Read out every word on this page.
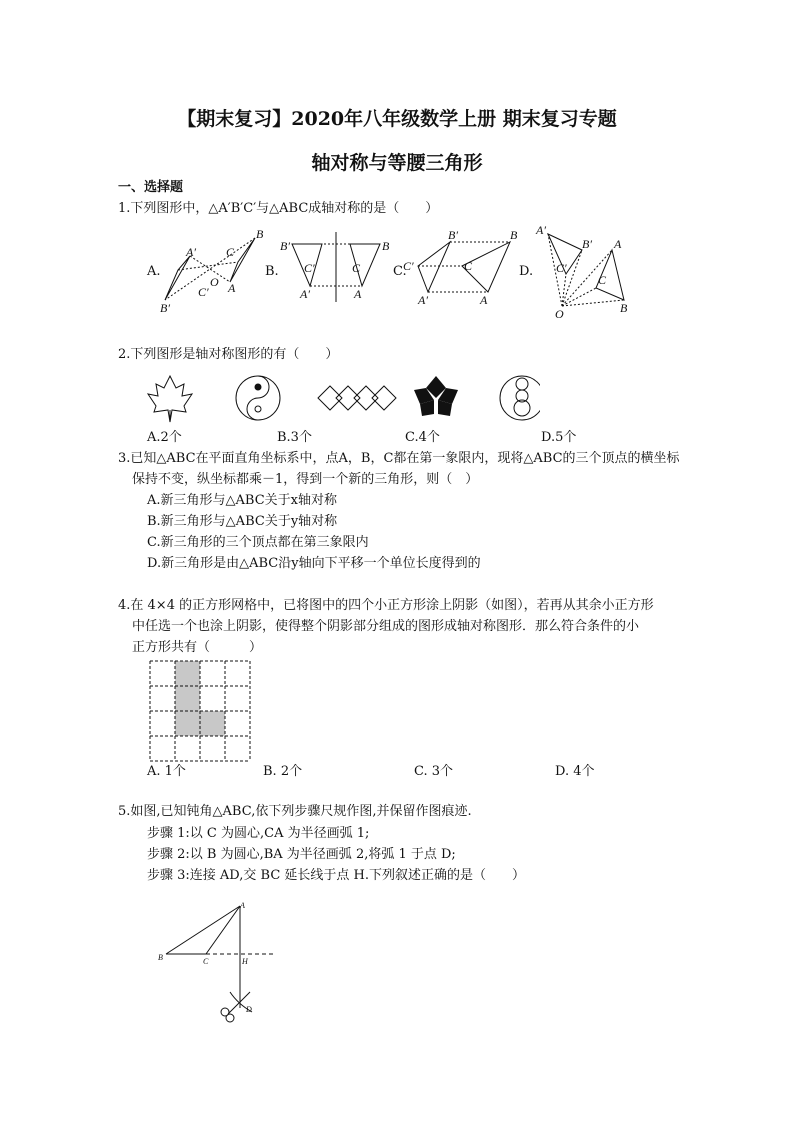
【期末复习】2020年八年级数学上册 期末复习专题
轴对称与等腰三角形
一、选择题
1.下列图形中，△A′B′C′与△ABC成轴对称的是（　　）
A.	B.	C.	D.
B
C
A
A′
O
C′
B′
B′
C′
A′
B
C
A
C′
B′
A′
C
B
A
A′
B′
C′
A
C
B
O
2.下列图形是轴对称图形的有（　　）
A.2个	B.3个	C.4个	D.5个
3.已知△ABC在平面直角坐标系中，点A，B，C都在第一象限内，现将△ABC的三个顶点的横坐标
保持不变，纵坐标都乘－1，得到一个新的三角形，则（　）
A.新三角形与△ABC关于x轴对称
B.新三角形与△ABC关于y轴对称
C.新三角形的三个顶点都在第三象限内
D.新三角形是由△ABC沿y轴向下平移一个单位长度得到的
4.在 4×4 的正方形网格中，已将图中的四个小正方形涂上阴影（如图），若再从其余小正方形
中任选一个也涂上阴影，使得整个阴影部分组成的图形成轴对称图形．那么符合条件的小
正方形共有（　　　）
A. 1个	B. 2个	C. 3个	D. 4个
5.如图,已知钝角△ABC,依下列步骤尺规作图,并保留作图痕迹.
步骤 1:以 C 为圆心,CA 为半径画弧 1;
步骤 2:以 B 为圆心,BA 为半径画弧 2,将弧 1 于点 D;
步骤 3:连接 AD,交 BC 延长线于点 H.下列叙述正确的是（　　）
A
B	C	H
D
